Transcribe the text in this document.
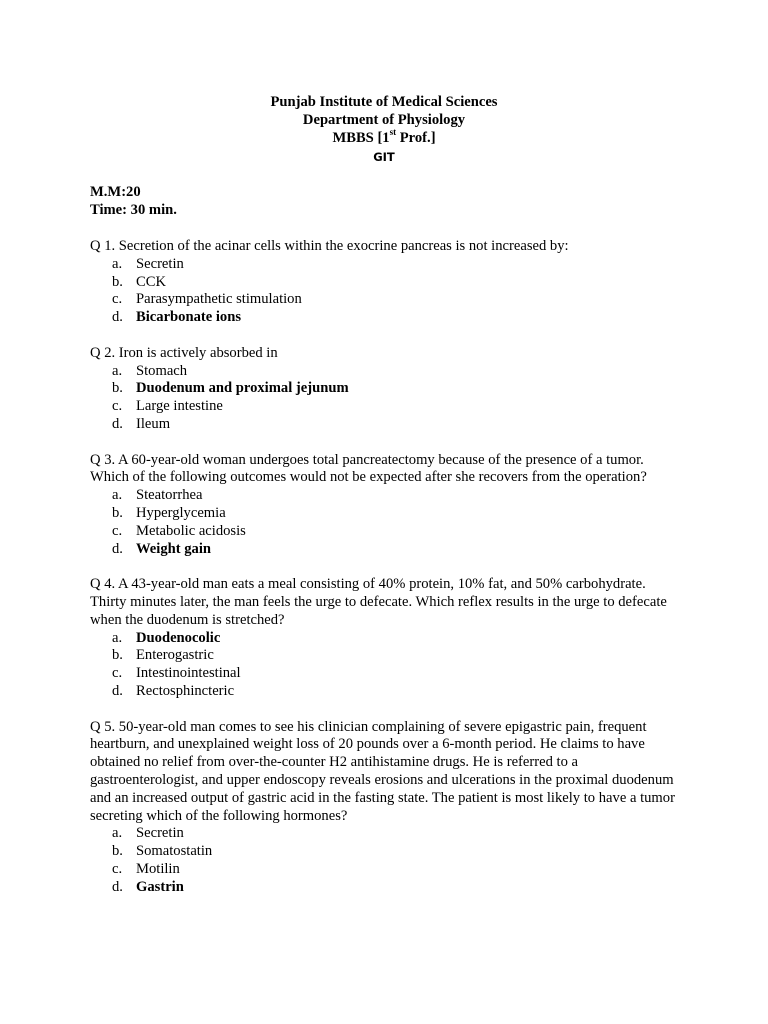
Punjab Institute of Medical Sciences
Department of Physiology
MBBS [1st Prof.]
GIT
M.M:20
Time: 30 min.
Q 1. Secretion of the acinar cells within the exocrine pancreas is not increased by:
a. Secretin
b. CCK
c. Parasympathetic stimulation
d. Bicarbonate ions
Q 2. Iron is actively absorbed in
a. Stomach
b. Duodenum and proximal jejunum
c. Large intestine
d. Ileum
Q 3. A 60-year-old woman undergoes total pancreatectomy because of the presence of a tumor. Which of the following outcomes would not be expected after she recovers from the operation?
a. Steatorrhea
b. Hyperglycemia
c. Metabolic acidosis
d. Weight gain
Q 4. A 43-year-old man eats a meal consisting of 40% protein, 10% fat, and 50% carbohydrate. Thirty minutes later, the man feels the urge to defecate. Which reflex results in the urge to defecate when the duodenum is stretched?
a. Duodenocolic
b. Enterogastric
c. Intestinointestinal
d. Rectosphincteric
Q 5. 50-year-old man comes to see his clinician complaining of severe epigastric pain, frequent heartburn, and unexplained weight loss of 20 pounds over a 6-month period. He claims to have obtained no relief from over-the-counter H2 antihistamine drugs. He is referred to a gastroenterologist, and upper endoscopy reveals erosions and ulcerations in the proximal duodenum and an increased output of gastric acid in the fasting state. The patient is most likely to have a tumor secreting which of the following hormones?
a. Secretin
b. Somatostatin
c. Motilin
d. Gastrin
